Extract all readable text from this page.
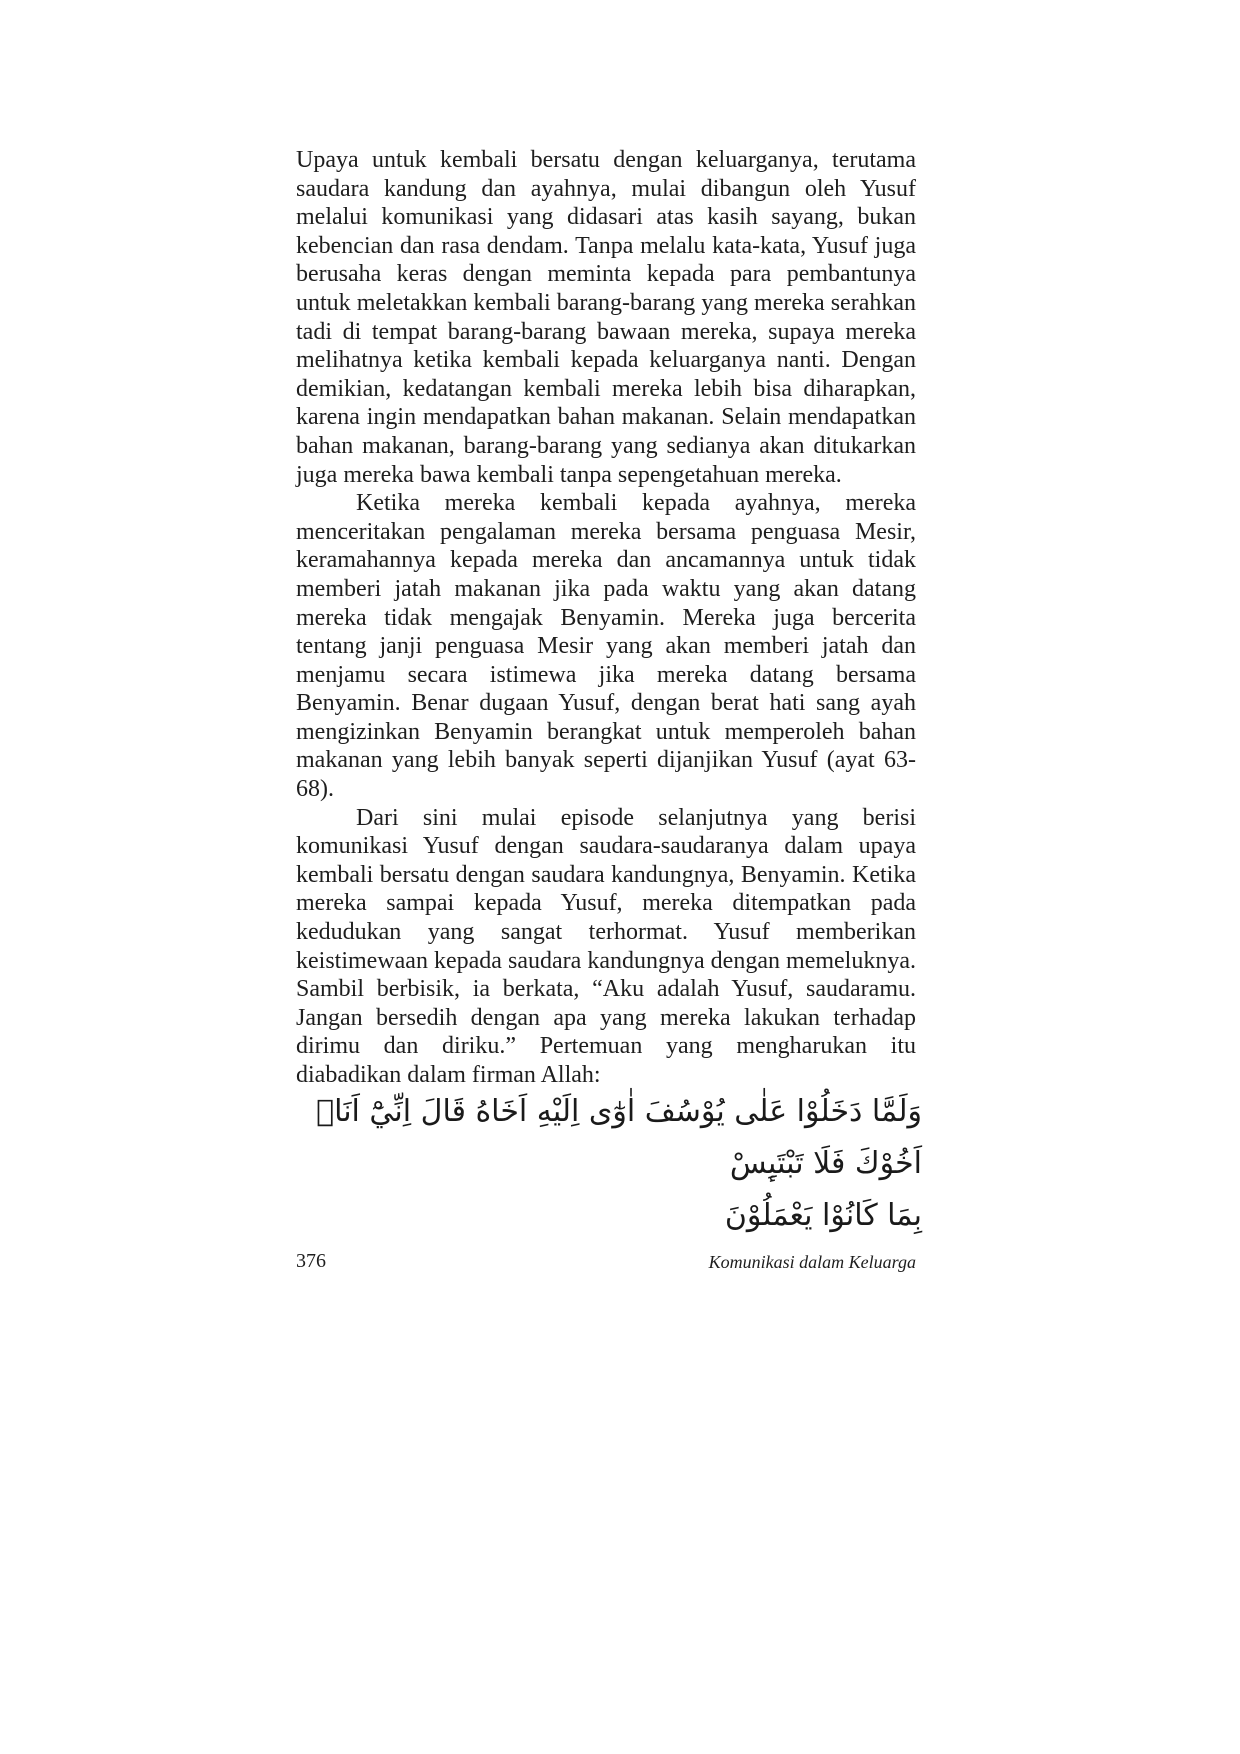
Upaya untuk kembali bersatu dengan keluarganya, terutama saudara kandung dan ayahnya, mulai dibangun oleh Yusuf melalui komunikasi yang didasari atas kasih sayang, bukan kebencian dan rasa dendam. Tanpa melalu kata-kata, Yusuf juga berusaha keras dengan meminta kepada para pembantunya untuk meletakkan kembali barang-barang yang mereka serahkan tadi di tempat barang-barang bawaan mereka, supaya mereka melihatnya ketika kembali kepada keluarganya nanti. Dengan demikian, kedatangan kembali mereka lebih bisa diharapkan, karena ingin mendapatkan bahan makanan. Selain mendapatkan bahan makanan, barang-barang yang sedianya akan ditukarkan juga mereka bawa kembali tanpa sepengetahuan mereka.

Ketika mereka kembali kepada ayahnya, mereka menceritakan pengalaman mereka bersama penguasa Mesir, keramahannya kepada mereka dan ancamannya untuk tidak memberi jatah makanan jika pada waktu yang akan datang mereka tidak mengajak Benyamin. Mereka juga bercerita tentang janji penguasa Mesir yang akan memberi jatah dan menjamu secara istimewa jika mereka datang bersama Benyamin. Benar dugaan Yusuf, dengan berat hati sang ayah mengizinkan Benyamin berangkat untuk memperoleh bahan makanan yang lebih banyak seperti dijanjikan Yusuf (ayat 63-68).

Dari sini mulai episode selanjutnya yang berisi komunikasi Yusuf dengan saudara-saudaranya dalam upaya kembali bersatu dengan saudara kandungnya, Benyamin. Ketika mereka sampai kepada Yusuf, mereka ditempatkan pada kedudukan yang sangat terhormat. Yusuf memberikan keistimewaan kepada saudara kandungnya dengan memeluknya. Sambil berbisik, ia berkata, “Aku adalah Yusuf, saudaramu. Jangan bersedih dengan apa yang mereka lakukan terhadap dirimu dan diriku.” Pertemuan yang mengharukan itu diabadikan dalam firman Allah:

وَلَمَّا دَخَلُوْا عَلٰى يُوْسُفَ اٰوٰٓى اِلَيْهِ اَخَاهُ قَالَ اِنِّيْٓ اَنَا۠ اَخُوْكَ فَلَا تَبْتَىِٕسْ
بِمَا كَانُوْا يَعْمَلُوْنَ
376	Komunikasi dalam Keluarga
